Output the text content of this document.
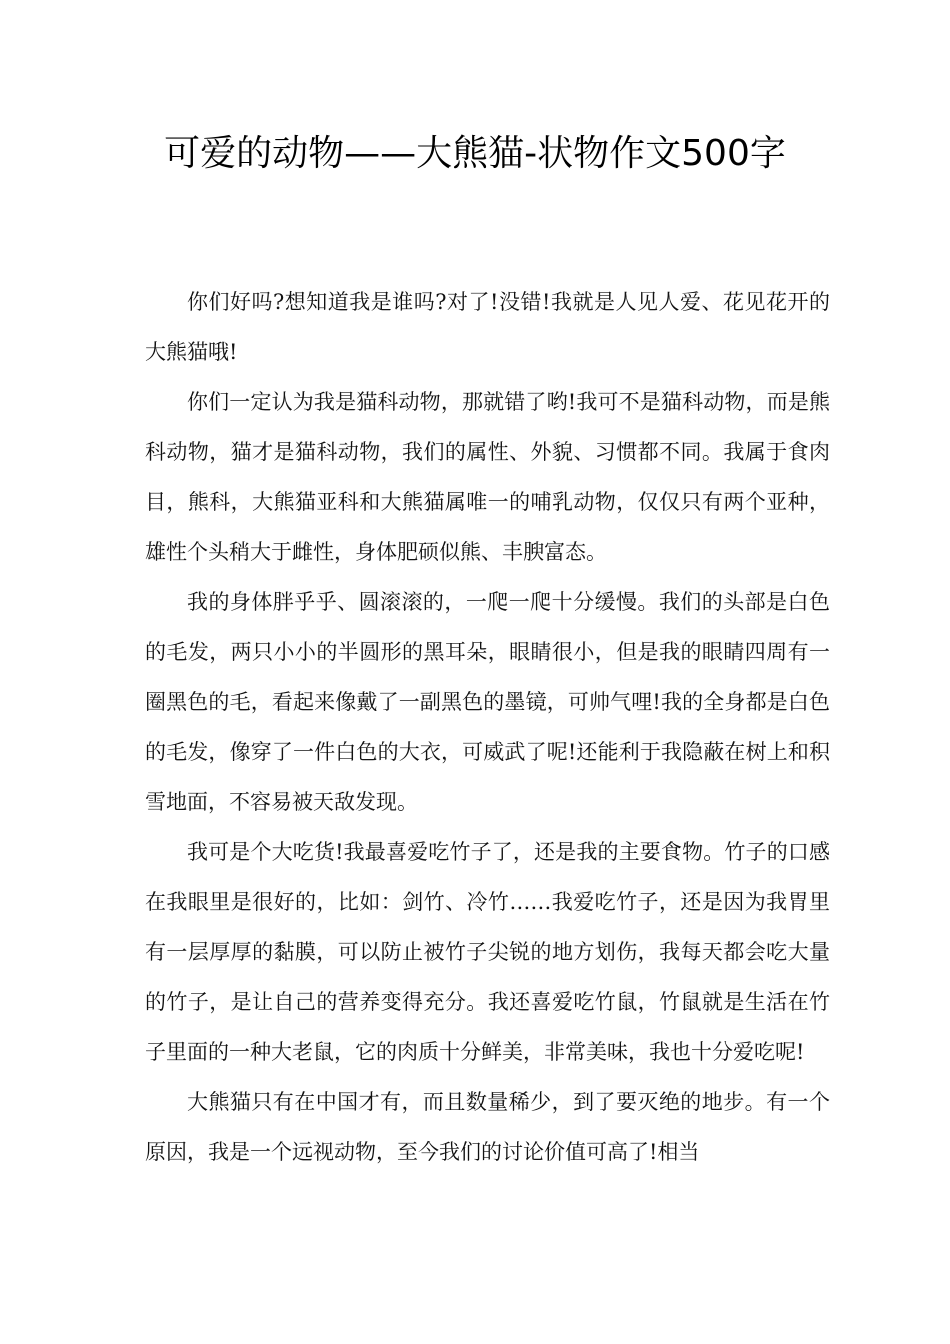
可爱的动物——大熊猫-状物作文500字

你们好吗?想知道我是谁吗?对了!没错!我就是人见人爱、花见花开的大熊猫哦!

你们一定认为我是猫科动物，那就错了哟!我可不是猫科动物，而是熊科动物，猫才是猫科动物，我们的属性、外貌、习惯都不同。我属于食肉目，熊科，大熊猫亚科和大熊猫属唯一的哺乳动物，仅仅只有两个亚种，雄性个头稍大于雌性，身体肥硕似熊、丰腴富态。

我的身体胖乎乎、圆滚滚的，一爬一爬十分缓慢。我们的头部是白色的毛发，两只小小的半圆形的黑耳朵，眼睛很小，但是我的眼睛四周有一圈黑色的毛，看起来像戴了一副黑色的墨镜，可帅气哩!我的全身都是白色的毛发，像穿了一件白色的大衣，可威武了呢!还能利于我隐蔽在树上和积雪地面，不容易被天敌发现。

我可是个大吃货!我最喜爱吃竹子了，还是我的主要食物。竹子的口感在我眼里是很好的，比如：剑竹、冷竹……我爱吃竹子，还是因为我胃里有一层厚厚的黏膜，可以防止被竹子尖锐的地方划伤，我每天都会吃大量的竹子，是让自己的营养变得充分。我还喜爱吃竹鼠，竹鼠就是生活在竹子里面的一种大老鼠，它的肉质十分鲜美，非常美味，我也十分爱吃呢!

大熊猫只有在中国才有，而且数量稀少，到了要灭绝的地步。有一个原因，我是一个远视动物，至今我们的讨论价值可高了!相当
